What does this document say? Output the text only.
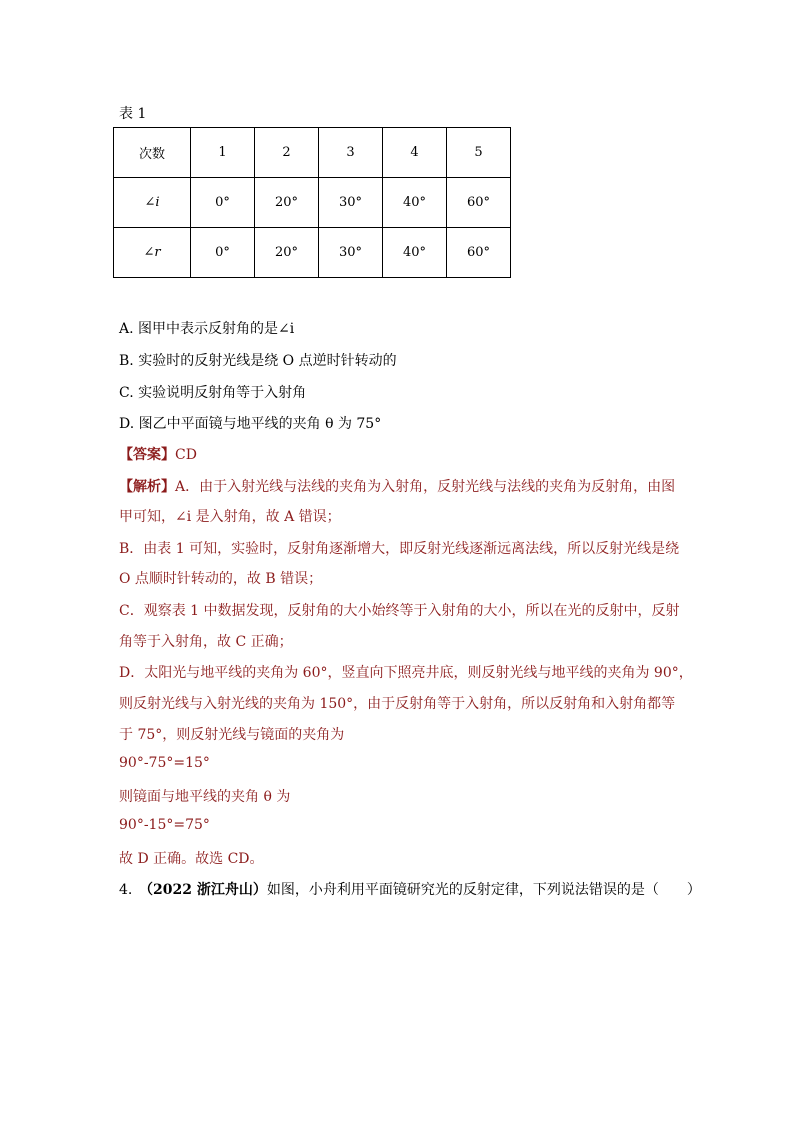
表 1
次数	1	2	3	4	5
∠i	0°	20°	30°	40°	60°
∠r	0°	20°	30°	40°	60°
A. 图甲中表示反射角的是∠i
B. 实验时的反射光线是绕 O 点逆时针转动的
C. 实验说明反射角等于入射角
D. 图乙中平面镜与地平线的夹角 θ 为 75°
【答案】CD
【解析】A．由于入射光线与法线的夹角为入射角，反射光线与法线的夹角为反射角，由图
甲可知，∠i 是入射角，故 A 错误；
B．由表 1 可知，实验时，反射角逐渐增大，即反射光线逐渐远离法线，所以反射光线是绕
O 点顺时针转动的，故 B 错误；
C．观察表 1 中数据发现，反射角的大小始终等于入射角的大小，所以在光的反射中，反射
角等于入射角，故 C 正确；
D．太阳光与地平线的夹角为 60°，竖直向下照亮井底，则反射光线与地平线的夹角为 90°，
则反射光线与入射光线的夹角为 150°，由于反射角等于入射角，所以反射角和入射角都等
于 75°，则反射光线与镜面的夹角为
90°-75°=15°
则镜面与地平线的夹角 θ 为
90°-15°=75°
故 D 正确。故选 CD。
4. （2022 浙江舟山）如图，小舟利用平面镜研究光的反射定律，下列说法错误的是（　　）
